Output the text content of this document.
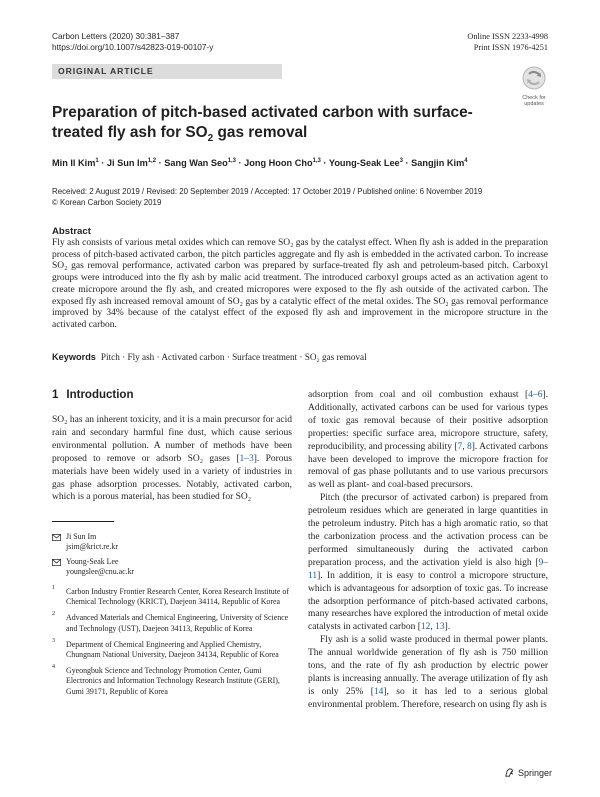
Carbon Letters (2020) 30:381–387
https://doi.org/10.1007/s42823-019-00107-y
Online ISSN 2233-4998
Print ISSN 1976-4251
ORIGINAL ARTICLE
Check for
updates
Preparation of pitch-based activated carbon with surface-treated fly ash for $SO_2$ gas removal
Min Il Kim$^1$ · Ji Sun Im$^{1,2}$ · Sang Wan Seo$^{1,3}$ · Jong Hoon Cho$^{1,3}$ · Young-Seak Lee$^3$ · Sangjin Kim$^4$
Received: 2 August 2019 / Revised: 20 September 2019 / Accepted: 17 October 2019 / Published online: 6 November 2019
© Korean Carbon Society 2019
Abstract
Fly ash consists of various metal oxides which can remove SO₂ gas by the catalyst effect. When fly ash is added in the preparation process of pitch-based activated carbon, the pitch particles aggregate and fly ash is embedded in the activated carbon. To increase SO₂ gas removal performance, activated carbon was prepared by surface-treated fly ash and petroleum-based pitch. Carboxyl groups were introduced into the fly ash by malic acid treatment. The introduced carboxyl groups acted as an activation agent to create micropore around the fly ash, and created micropores were exposed to the fly ash outside of the activated carbon. The exposed fly ash increased removal amount of SO₂ gas by a catalytic effect of the metal oxides. The SO₂ gas removal performance improved by 34% because of the catalyst effect of the exposed fly ash and improvement in the micropore structure in the activated carbon.
Keywords Pitch · Fly ash · Activated carbon · Surface treatment · SO₂ gas removal
1 Introduction

SO₂ has an inherent toxicity, and it is a main precursor for acid rain and secondary harmful fine dust, which cause serious environmental pollution. A number of methods have been proposed to remove or adsorb SO₂ gases [1–3]. Porous materials have been widely used in a variety of industries in gas phase adsorption processes. Notably, activated carbon, which is a porous material, has been studied for SO₂

Ji Sun Im
jsim@krict.re.kr
Young-Seak Lee
youngslee@cnu.ac.kr
1	Carbon Industry Frontier Research Center, Korea Research Institute of Chemical Technology (KRICT), Daejeon 34114, Republic of Korea
2	Advanced Materials and Chemical Engineering, University of Science and Technology (UST), Daejeon 34113, Republic of Korea
3	Department of Chemical Engineering and Applied Chemistry, Chungnam National University, Daejeon 34134, Republic of Korea
4	Gyeongbuk Science and Technology Promotion Center, Gumi Electronics and Information Technology Research Institute (GERI), Gumi 39171, Republic of Korea

adsorption from coal and oil combustion exhaust [4–6]. Additionally, activated carbons can be used for various types of toxic gas removal because of their positive adsorption properties: specific surface area, micropore structure, safety, reproducibility, and processing ability [7, 8]. Activated carbons have been developed to improve the micropore fraction for removal of gas phase pollutants and to use various precursors as well as plant- and coal-based precursors.

Pitch (the precursor of activated carbon) is prepared from petroleum residues which are generated in large quantities in the petroleum industry. Pitch has a high aromatic ratio, so that the carbonization process and the activation process can be performed simultaneously during the activated carbon preparation process, and the activation yield is also high [9–11]. In addition, it is easy to control a micropore structure, which is advantageous for adsorption of toxic gas. To increase the adsorption performance of pitch-based activated carbons, many researches have explored the introduction of metal oxide catalysts in activated carbon [12, 13].

Fly ash is a solid waste produced in thermal power plants. The annual worldwide generation of fly ash is 750 million tons, and the rate of fly ash production by electric power plants is increasing annually. The average utilization of fly ash is only 25% [14], so it has led to a serious global environmental problem. Therefore, research on using fly ash is

Springer
